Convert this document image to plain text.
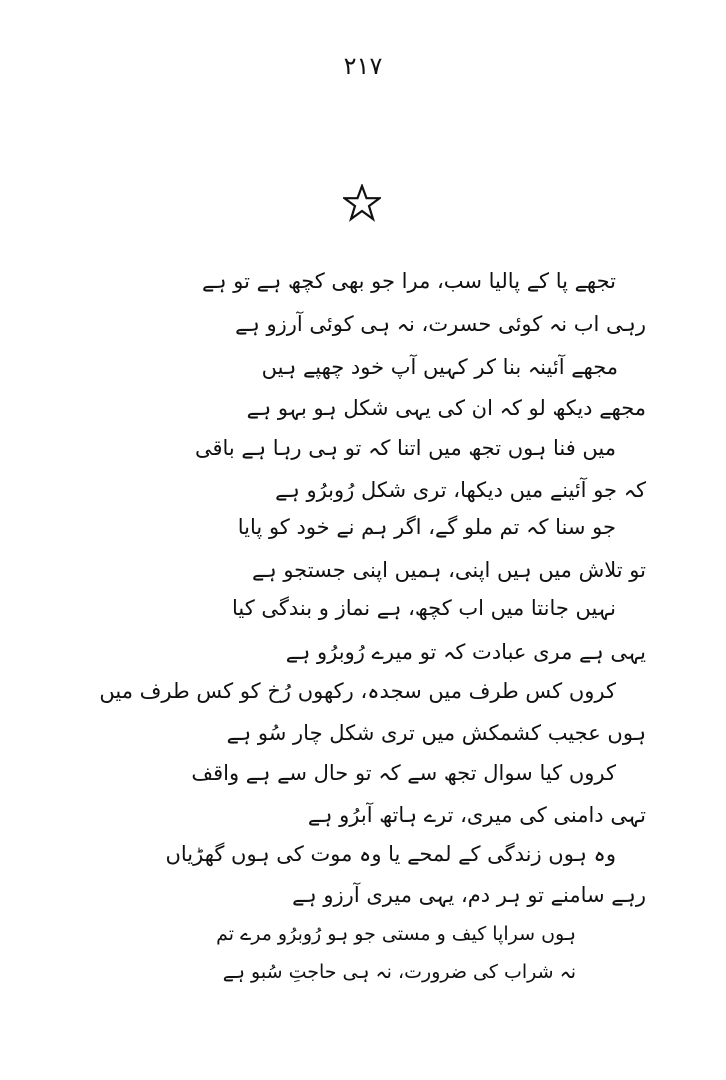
۲۱۷
تجھے پا کے پالیا سب، مرا جو بھی کچھ ہے تو ہے
رہی اب نہ کوئی حسرت، نہ ہی کوئی آرزو ہے
مجھے آئینہ بنا کر کہیں آپ خود چھپے ہیں
مجھے دیکھ لو کہ ان کی یہی شکل ہو بہو ہے
میں فنا ہوں تجھ میں اتنا کہ تو ہی رہا ہے باقی
کہ جو آئینے میں دیکھا، تری شکل رُوبرُو ہے
جو سنا کہ تم ملو گے، اگر ہم نے خود کو پایا
تو تلاش میں ہیں اپنی، ہمیں اپنی جستجو ہے
نہیں جانتا میں اب کچھ، ہے نماز و بندگی کیا
یہی ہے مری عبادت کہ تو میرے رُوبرُو ہے
کروں کس طرف میں سجدہ، رکھوں رُخ کو کس طرف میں
ہوں عجیب کشمکش میں تری شکل چار سُو ہے
کروں کیا سوال تجھ سے کہ تو حال سے ہے واقف
تہی دامنی کی میری، ترے ہاتھ آبرُو ہے
وہ ہوں زندگی کے لمحے یا وہ موت کی ہوں گھڑیاں
رہے سامنے تو ہر دم، یہی میری آرزو ہے
ہوں سراپا کیف و مستی جو ہو رُوبرُو مرے تم
نہ شراب کی ضرورت، نہ ہی حاجتِ سُبو ہے
